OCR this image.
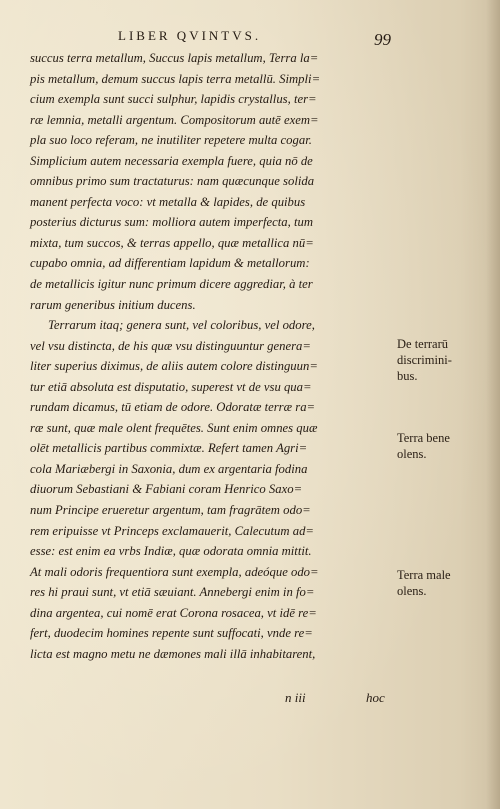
LIBER QVINTVS.	99
succus terra metallum, Succus lapis metallum, Terra la=
pis metallum, demum succus lapis terra metallū. Simpli=
cium exempla sunt succi sulphur, lapidis crystallus, ter=
ræ lemnia, metalli argentum. Compositorum autē exem=
pla suo loco referam, ne inutiliter repetere multa cogar.
Simplicium autem necessaria exempla fuere, quia nō de
omnibus primo sum tractaturus: nam quæcunque solida
manent perfecta voco: vt metalla & lapides, de quibus
posterius dicturus sum: molliora autem imperfecta, tum
mixta, tum succos, & terras appello, quæ metallica nū=
cupabo omnia, ad differentiam lapidum & metallorum:
de metallicis igitur nunc primum dicere aggrediar, à ter
rarum generibus initium ducens.
Terrarum itaq; genera sunt, vel coloribus, vel odore,
vel vsu distincta, de his quæ vsu distinguuntur genera=
liter superius diximus, de aliis autem colore distinguun=
tur etiā absoluta est disputatio, superest vt de vsu qua=
rundam dicamus, tū etiam de odore. Odoratæ terræ ra=
ræ sunt, quæ male olent frequētes. Sunt enim omnes quæ
olēt metallicis partibus commixtæ. Refert tamen Agri=
cola Mariæbergi in Saxonia, dum ex argentaria fodina
diuorum Sebastiani & Fabiani coram Henrico Saxo=
num Principe erueretur argentum, tam fragrātem odo=
rem eripuisse vt Princeps exclamauerit, Calecutum ad=
esse: est enim ea vrbs Indiæ, quæ odorata omnia mittit.
At mali odoris frequentiora sunt exempla, adeóque odo=
res hi praui sunt, vt etiā sæuiant. Annebergi enim in fo=
dina argentea, cui nomē erat Corona rosacea, vt idē re=
fert, duodecim homines repente sunt suffocati, vnde re=
licta est magno metu ne dæmones mali illā inhabitarent,
De terrarū
discrimini-
bus.
Terra bene
olens.
Terra male
olens.
n iii	hoc
